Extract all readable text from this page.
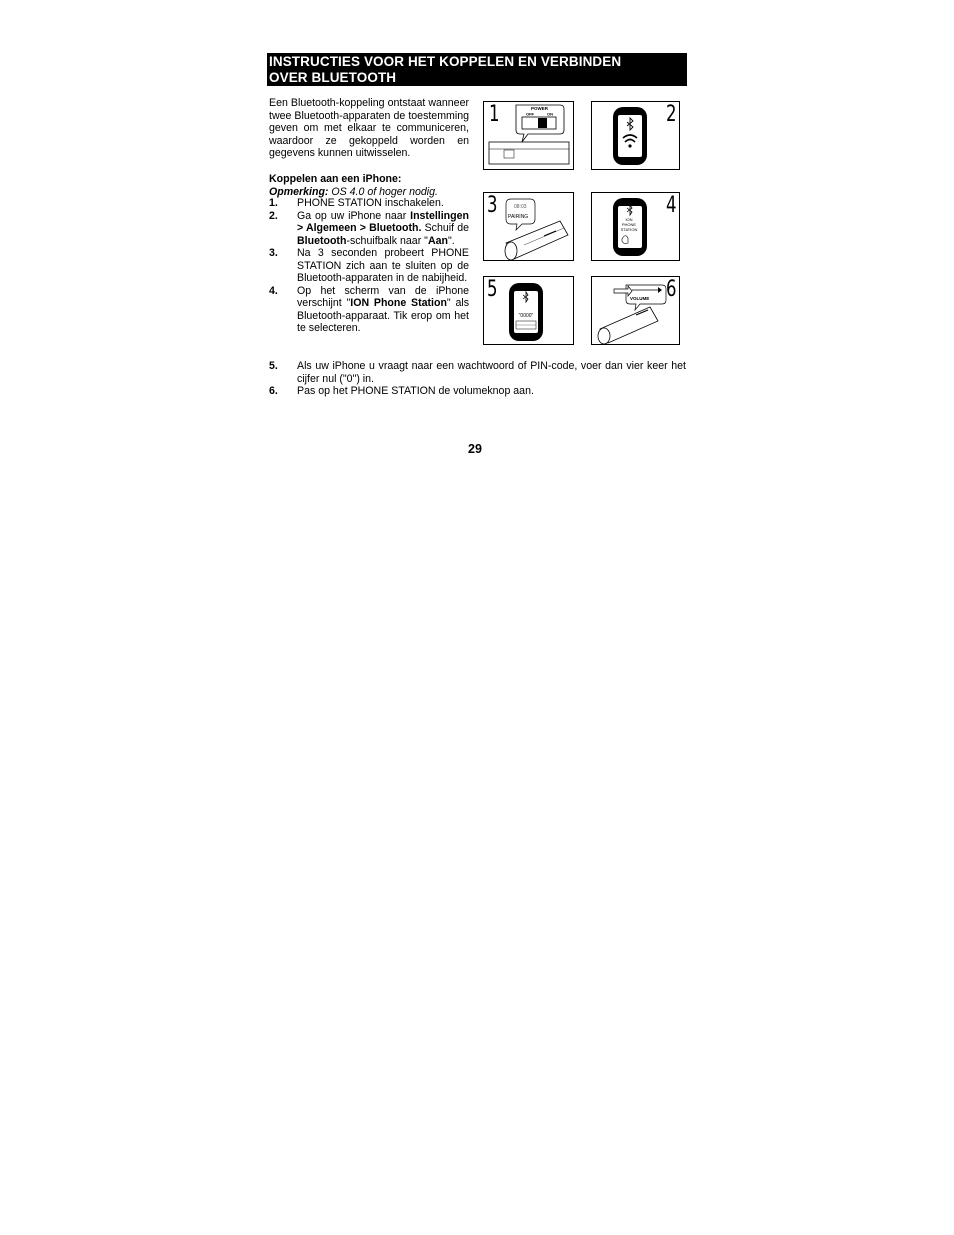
INSTRUCTIES VOOR HET KOPPELEN EN VERBINDEN
OVER BLUETOOTH
Een Bluetooth-koppeling ontstaat wanneer twee Bluetooth-apparaten de toestemming geven om met elkaar te communiceren, waardoor ze gekoppeld worden en gegevens kunnen uitwisselen.
Koppelen aan een iPhone:
Opmerking: OS 4.0 of hoger nodig.
1. PHONE STATION inschakelen.
2. Ga op uw iPhone naar Instellingen > Algemeen > Bluetooth. Schuif de Bluetooth-schuifbalk naar "Aan".
3. Na 3 seconden probeert PHONE STATION zich aan te sluiten op de Bluetooth-apparaten in de nabijheid.
4. Op het scherm van de iPhone verschijnt "ION Phone Station" als Bluetooth-apparaat. Tik erop om het te selecteren.
5. Als uw iPhone u vraagt naar een wachtwoord of PIN-code, voer dan vier keer het cijfer nul ("0") in.
6. Pas op het PHONE STATION de volumeknop aan.
POWER
OFF	ON
1	2
08:03
PAIRING
3
ION
PHONE
STATION
4
"0000"
5	VOLUME 6
29
